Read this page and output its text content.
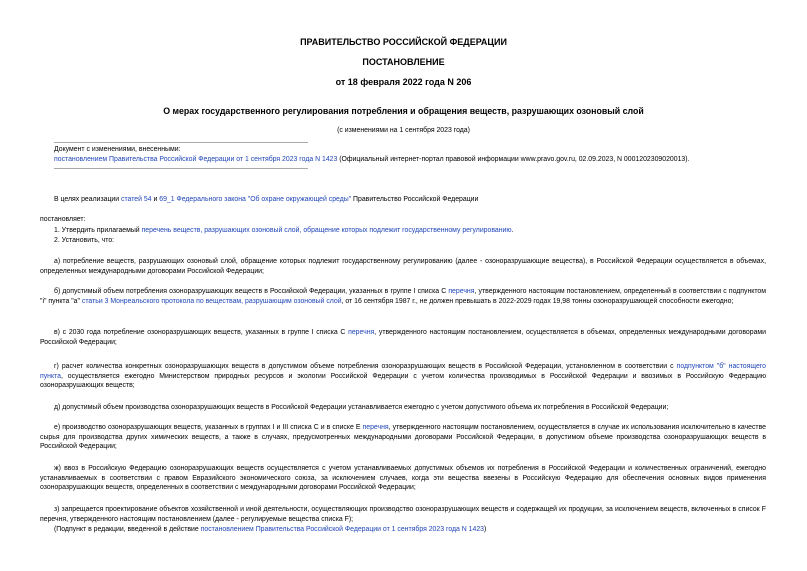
ПРАВИТЕЛЬСТВО РОССИЙСКОЙ ФЕДЕРАЦИИ
ПОСТАНОВЛЕНИЕ
от 18 февраля 2022 года N 206
О мерах государственного регулирования потребления и обращения веществ, разрушающих озоновый слой
(с изменениями на 1 сентября 2023 года)
Документ с изменениями, внесенными:
постановлением Правительства Российской Федерации от 1 сентября 2023 года N 1423 (Официальный интернет-портал правовой информации www.pravo.gov.ru, 02.09.2023, N 0001202309020013).
В целях реализации статей 54 и 69_1 Федерального закона "Об охране окружающей среды" Правительство Российской Федерации
постановляет:
1. Утвердить прилагаемый перечень веществ, разрушающих озоновый слой, обращение которых подлежит государственному регулированию.
2. Установить, что:
а) потребление веществ, разрушающих озоновый слой, обращение которых подлежит государственному регулированию (далее - озоноразрушающие вещества), в Российской Федерации осуществляется в объемах, определенных международными договорами Российской Федерации;
б) допустимый объем потребления озоноразрушающих веществ в Российской Федерации, указанных в группе I списка С перечня, утвержденного настоящим постановлением, определенный в соответствии с подпунктом "i" пункта "а" статьи 3 Монреальского протокола по веществам, разрушающим озоновый слой, от 16 сентября 1987 г., не должен превышать в 2022-2029 годах 19,98 тонны озоноразрушающей способности ежегодно;
в) с 2030 года потребление озоноразрушающих веществ, указанных в группе I списка С перечня, утвержденного настоящим постановлением, осуществляется в объемах, определенных международными договорами Российской Федерации;
г) расчет количества конкретных озоноразрушающих веществ в допустимом объеме потребления озоноразрушающих веществ в Российской Федерации, установленном в соответствии с подпунктом "б" настоящего пункта, осуществляется ежегодно Министерством природных ресурсов и экологии Российской Федерации с учетом количества производимых в Российской Федерации и ввозимых в Российскую Федерацию озоноразрушающих веществ;
д) допустимый объем производства озоноразрушающих веществ в Российской Федерации устанавливается ежегодно с учетом допустимого объема их потребления в Российской Федерации;
е) производство озоноразрушающих веществ, указанных в группах I и III списка С и в списке Е перечня, утвержденного настоящим постановлением, осуществляется в случае их использования исключительно в качестве сырья для производства других химических веществ, а также в случаях, предусмотренных международными договорами Российской Федерации, в допустимом объеме производства озоноразрушающих веществ в Российской Федерации;
ж) ввоз в Российскую Федерацию озоноразрушающих веществ осуществляется с учетом устанавливаемых допустимых объемов их потребления в Российской Федерации и количественных ограничений, ежегодно устанавливаемых в соответствии с правом Евразийского экономического союза, за исключением случаев, когда эти вещества ввезены в Российскую Федерацию для обеспечения основных видов применения озоноразрушающих веществ, определенных в соответствии с международными договорами Российской Федерации;
з) запрещается проектирование объектов хозяйственной и иной деятельности, осуществляющих производство озоноразрушающих веществ и содержащей их продукции, за исключением веществ, включенных в список F перечня, утвержденного настоящим постановлением (далее - регулируемые вещества списка F);
(Подпункт в редакции, введенной в действие постановлением Правительства Российской Федерации от 1 сентября 2023 года N 1423)
